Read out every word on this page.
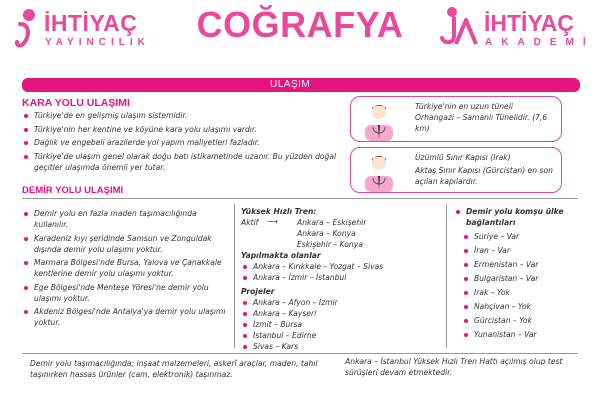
İHTİYAÇ
YAYINCILIK COĞRAFYA	İHTİYAÇ
AKADEMİ
ULAŞIM
KARA YOLU ULAŞIMI
Türkiye'de en gelişmiş ulaşım sistemidir.
Türkiye'nin her kentine ve köyüne kara yolu ulaşımı vardır.
Dağlık ve engebeli arazilerde yol yapım maliyetleri fazladır.
Türkiye'de ulaşım genel olarak doğu batı istikametinde uzanır. Bu yüzden doğal geçitler ulaşımda önemli yer tutar.
Türkiye'nin en uzun tüneli Orhangazi – Samanlı Tünelidir. (7,6 km)
Üzümlü Sınır Kapısı (Irak)
Aktaş Sınır Kapısı (Gürcistan) en son açılan kapılardır.
DEMİR YOLU ULAŞIMI
Demir yolu en fazla maden taşımacılığında kullanılır.
Karadeniz kıyı şeridinde Samsun ve Zonguldak dışında demir yolu ulaşımı yoktur.
Marmara Bölgesi'nde Bursa, Yalova ve Çanakkale kentlerine demir yolu ulaşımı yoktur.
Ege Bölgesi'nde Menteşe Yöresi'ne demir yolu ulaşımı yoktur.
Akdeniz Bölgesi'nde Antalya'ya demir yolu ulaşımı yoktur.
Yüksek Hızlı Tren:
Aktif ⟶	Ankara – Eskişehir
Ankara – Konya
Eskişehir – Konya
Yapılmakta olanlar
Ankara – Kırıkkale – Yozgat – Sivas
Ankara – İzmir – İstanbul
Projeler
Ankara – Afyon – İzmir
Ankara – Kayseri
İzmit – Bursa
İstanbul – Edirne
Sivas – Kars
Demir yolu komşu ülke bağlantıları
Suriye – Var
İran – Var
Ermenistan – Var
Bulgaristan – Var
Irak – Yok
Nahçivan – Yok
Gürcistan – Yok
Yunanistan – Var
Demir yolu taşımacılığında; inşaat malzemeleri, askerî araçlar, maden, tahıl taşınırken hassas ürünler (cam, elektronik) taşınmaz.
Ankara – İstanbul Yüksek Hızlı Tren Hattı açılmış olup test sürüşleri devam etmektedir.
